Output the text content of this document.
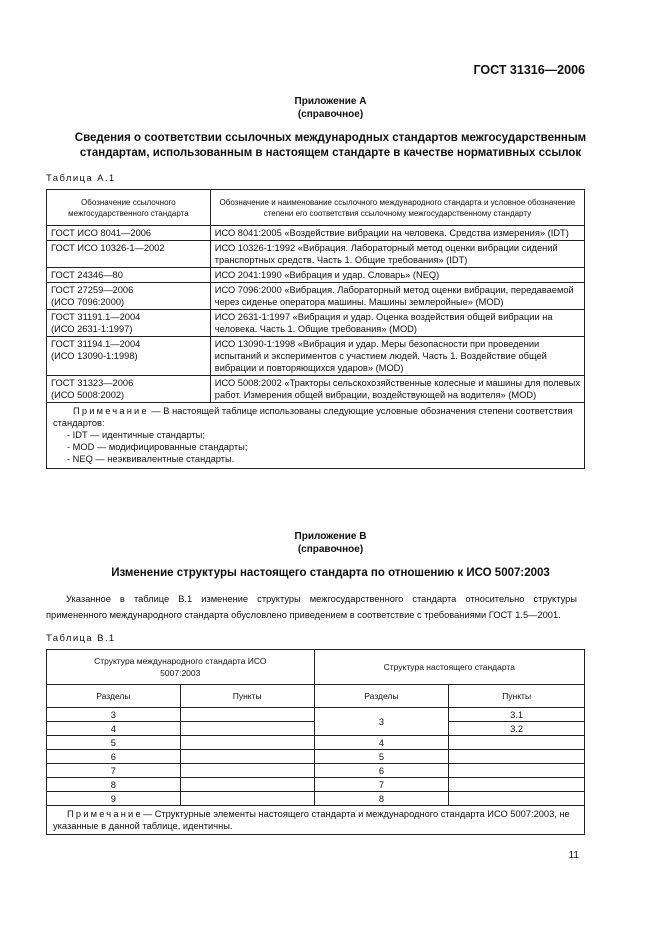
ГОСТ 31316—2006
Приложение А
(справочное)
Сведения о соответствии ссылочных международных стандартов межгосударственным стандартам, использованным в настоящем стандарте в качестве нормативных ссылок
Таблица А.1
Обозначение ссылочного межгосударственного стандарта	Обозначение и наименование ссылочного международного стандарта и условное обозначение степени его соответствия ссылочному межгосударственному стандарту
ГОСТ ИСО 8041—2006	ИСО 8041:2005 «Воздействие вибрации на человека. Средства измерения» (IDT)
ГОСТ ИСО 10326-1—2002	ИСО 10326-1:1992 «Вибрация. Лабораторный метод оценки вибрации сидений транспортных средств. Часть 1. Общие требования» (IDT)
ГОСТ 24346—80	ИСО 2041:1990 «Вибрация и удар. Словарь» (NEQ)
ГОСТ 27259—2006
(ИСО 7096:2000)	ИСО 7096:2000 «Вибрация. Лабораторный метод оценки вибрации, передаваемой через сиденье оператора машины. Машины землеройные» (MOD)
ГОСТ 31191.1—2004
(ИСО 2631-1:1997)	ИСО 2631-1:1997 «Вибрация и удар. Оценка воздействия общей вибрации на человека. Часть 1. Общие требования» (MOD)
ГОСТ 31194.1—2004
(ИСО 13090-1:1998)	ИСО 13090-1:1998 «Вибрация и удар. Меры безопасности при проведении испытаний и экспериментов с участием людей. Часть 1. Воздействие общей вибрации и повторяющихся ударов» (MOD)
ГОСТ 31323—2006
(ИСО 5008:2002)	ИСО 5008:2002 «Тракторы сельскохозяйственные колесные и машины для полевых работ. Измерения общей вибрации, воздействующей на водителя» (MOD)

Примечание — В настоящей таблице использованы следующие условные обозначения степени соответствия стандартов:
- IDT — идентичные стандарты;
- MOD — модифицированные стандарты;
- NEQ — неэквивалентные стандарты.	
Приложение В
(справочное)
Изменение структуры настоящего стандарта по отношению к ИСО 5007:2003
Указанное в таблице В.1 изменение структуры межгосударственного стандарта относительно структуры примененного международного стандарта обусловлено приведением в соответствие с требованиями ГОСТ 1.5—2001.
Таблица В.1
Структура международного стандарта ИСО 5007:2003		Структура настоящего стандарта	
Разделы	Пункты	Разделы	Пункты
3		3	3.1
4			3.2
5		4	
6		5	
7		6	
8		7	
9		8	
Примечание— Структурные элементы настоящего стандарта и международного стандарта ИСО 5007:2003, не указанные в данной таблице, идентичны.			
11
